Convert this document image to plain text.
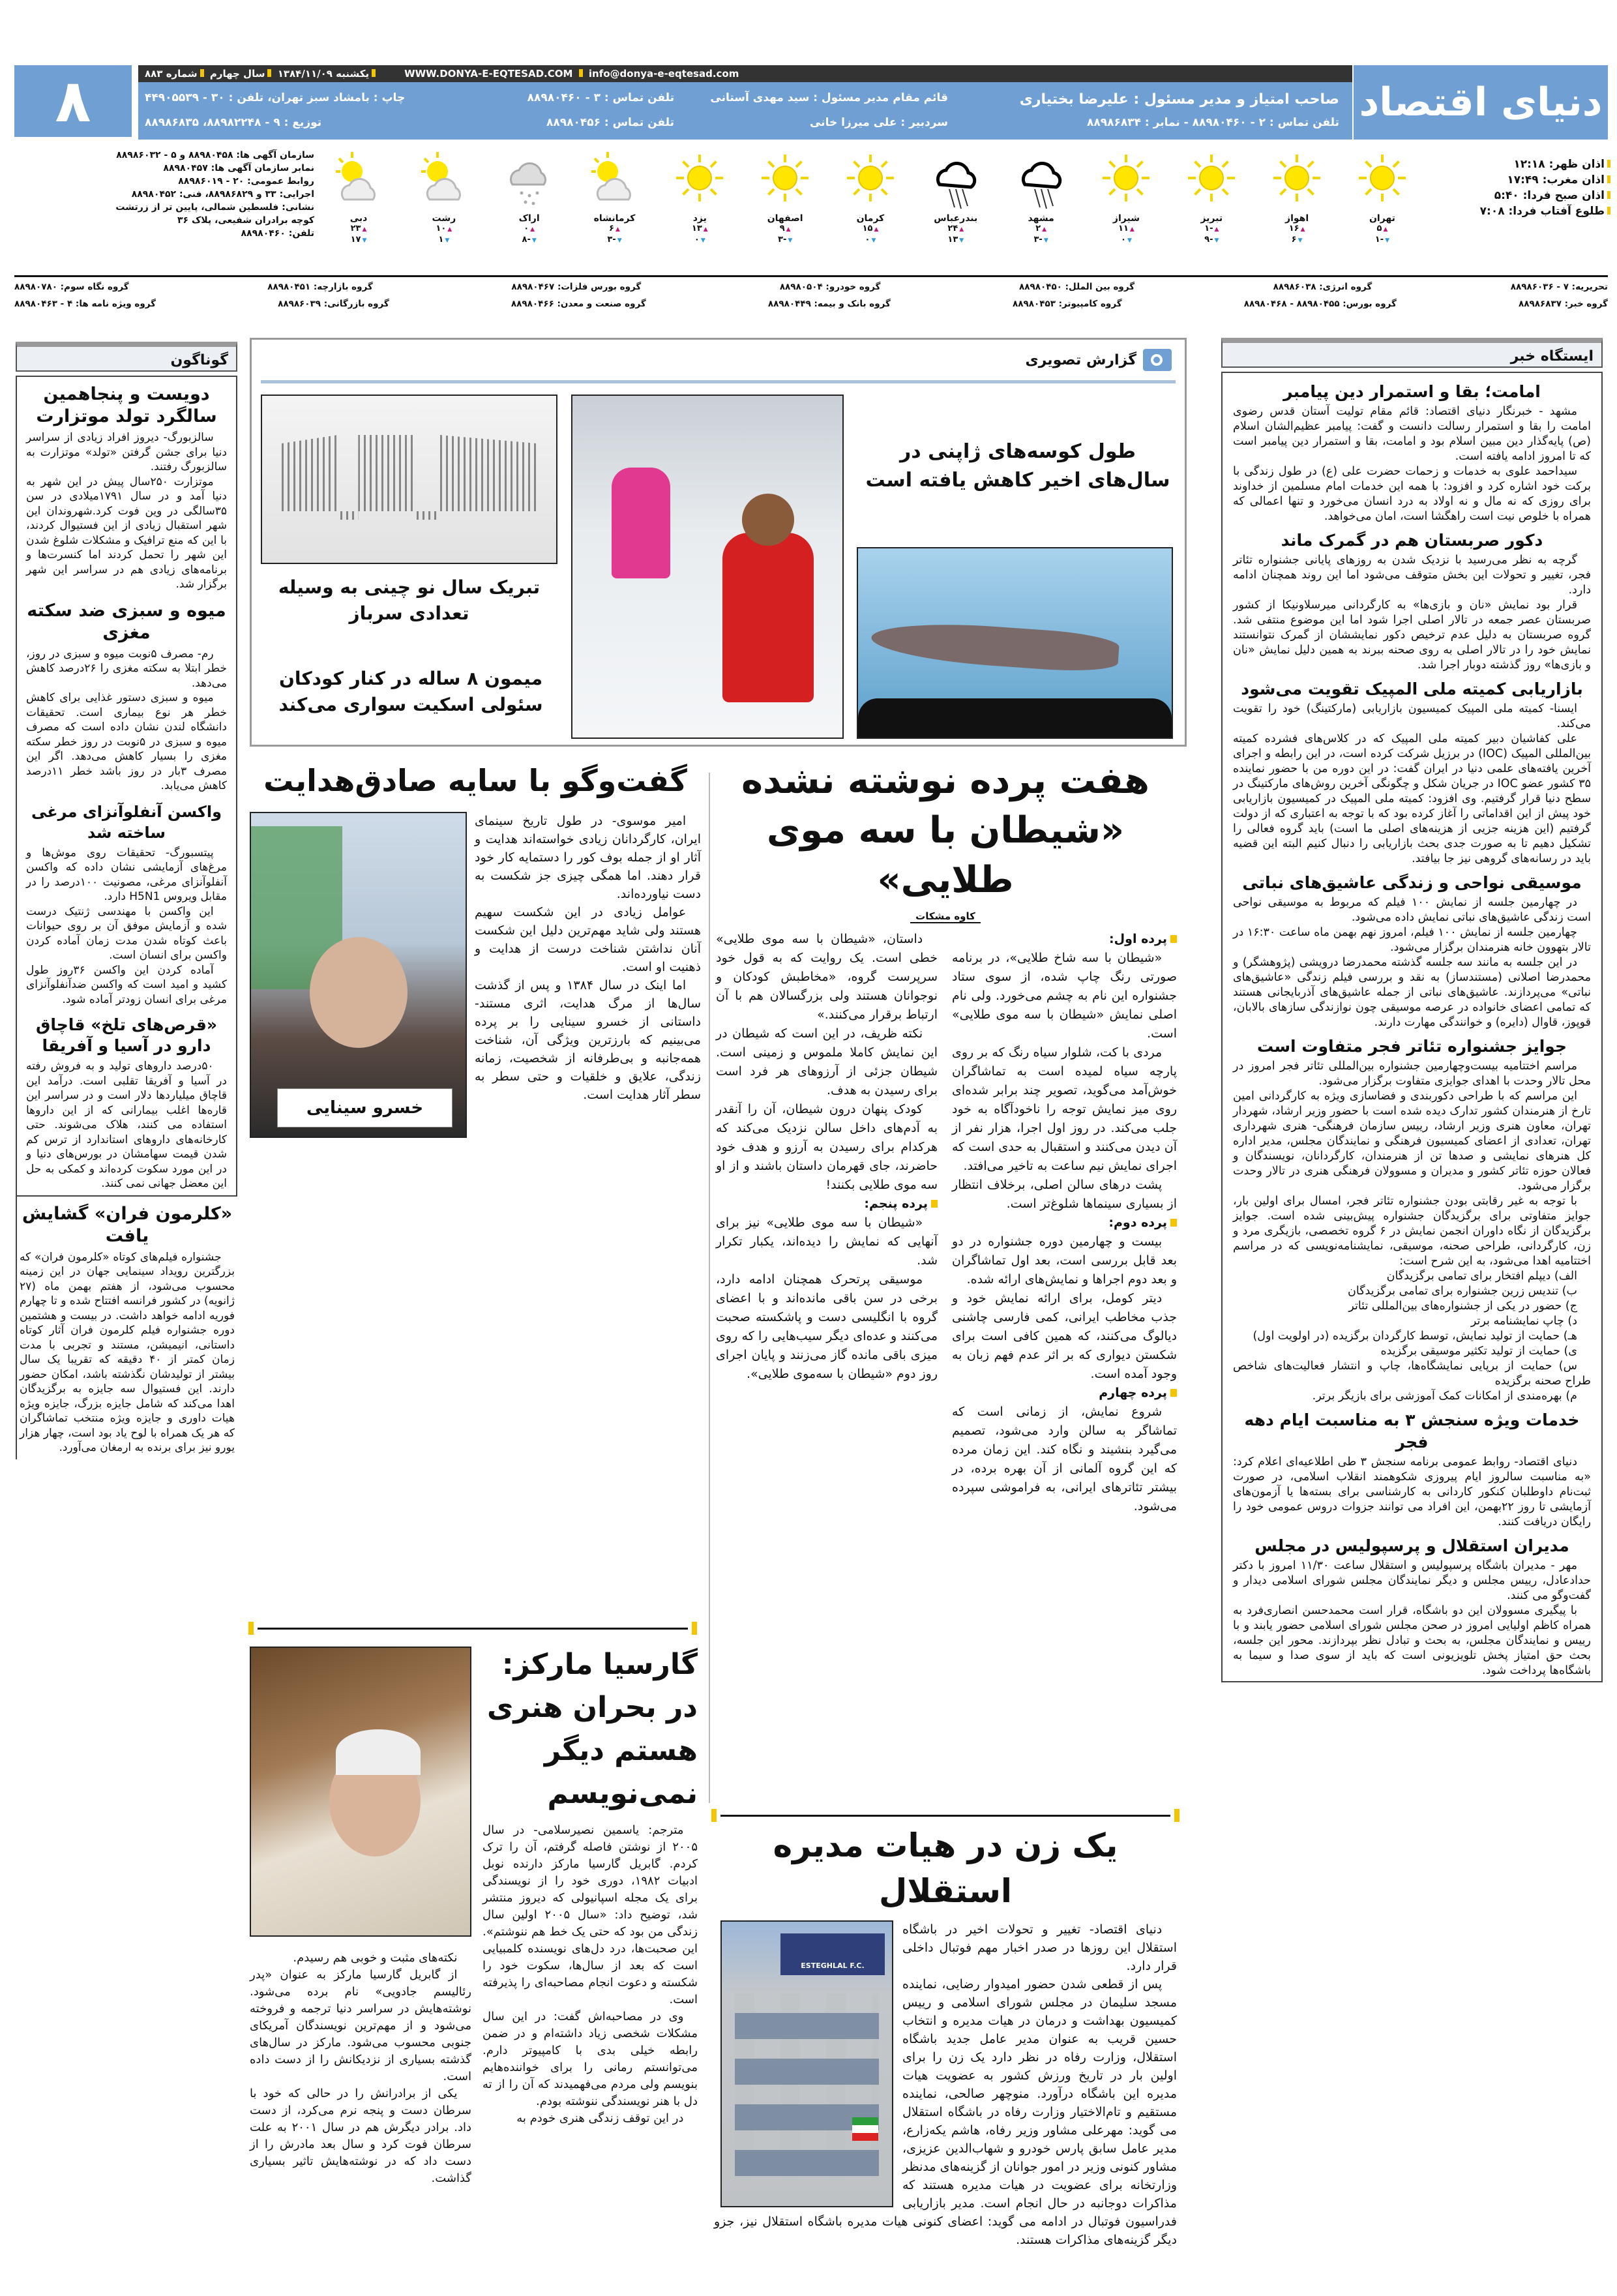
۸	یکشنبه ۱۳۸۴/۱۱/۰۹ سال چهارم شماره ۸۸۳	WWW.DONYA-E-EQTESAD.COM info@donya-e-eqtesad.com
صاحب امتیاز و مدیر مسئول : علیرضا بختیاری
تلفن تماس : ۲ - ۸۸۹۸۰۴۶۰ - نمابر : ۸۸۹۸۶۸۳۴
قائم مقام مدیر مسئول : سید مهدی آستانی
سردبیر : علی میرزا خانی
تلفن تماس : ۳ - ۸۸۹۸۰۴۶۰
تلفن تماس : ۸۸۹۸۰۴۵۶
چاپ : بامشاد سبز تهران، تلفن : ۳۰ - ۴۴۹۰۵۵۳۹
توزیع : ۹ - ۸۸۹۸۲۲۴۸، ۸۸۹۸۶۸۳۵	دنیای اقتصاد
اذان ظهر: ۱۲:۱۸
اذان مغرب: ۱۷:۴۹
اذان صبح فردا: ۵:۴۰
طلوع آفتاب فردا: ۷:۰۸
تهران
▲ ۵
▼ -۱
اهواز
▲ ۱۶
▼ ۶
تبریز
▲ -۱
▼ -۹
شیراز
▲ ۱۱
▼ ۰
مشهد
▲ ۲
▼ -۳
بندرعباس
▲ ۲۴
▼ ۱۳
کرمان
▲ ۱۵
▼ ۰
اصفهان
▲ ۹
▼ -۳
یزد
▲ ۱۳
▼ ۰
کرمانشاه
▲ ۶
▼ -۳
اراک
▲ ۰
▼ -۸
رشت
▲ ۱۰
▼ ۱
دبی
▲ ۲۳
▼ ۱۷
سازمان آگهی ها: ۸۸۹۸۰۴۵۸ و ۵ - ۸۸۹۸۶۰۳۲
نمابر سازمان آگهی ها: ۸۸۹۸۰۴۵۷
روابط عمومی: ۲۰ - ۸۸۹۸۶۰۱۹
اجرایی: ۳۳ و ۸۸۹۸۶۸۲۹، فنی: ۸۸۹۸۰۴۵۲
نشانی: فلسطین شمالی، پایین تر از زرتشت
کوچه برادران شفیعی، پلاک ۳۶
تلفن: ۸۸۹۸۰۴۶۰
تحریریه: ۷ - ۸۸۹۸۶۰۳۶
گروه انرژی: ۸۸۹۸۶۰۳۸
گروه بین الملل: ۸۸۹۸۰۴۵۰
گروه خودرو: ۸۸۹۸۰۵۰۴
گروه بورس فلزات: ۸۸۹۸۰۴۶۷
گروه بازارچه: ۸۸۹۸۰۴۵۱
گروه نگاه سوم: ۸۸۹۸۰۷۸۰
گروه خبر: ۸۸۹۸۶۸۳۷
گروه بورس: ۸۸۹۸۰۴۵۵ - ۸۸۹۸۰۴۶۸
گروه کامپیوتر: ۸۸۹۸۰۴۵۳
گروه بانک و بیمه: ۸۸۹۸۰۴۴۹
گروه صنعت و معدن: ۸۸۹۸۰۴۶۶
گروه بازرگانی: ۸۸۹۸۶۰۳۹
گروه ویژه نامه ها: ۴ - ۸۸۹۸۰۴۶۳
گوناگون
دویست و پنجاهمین سالگرد تولد موتزارت

سالزبورگ- دیروز افراد زیادی از سراسر دنیا برای جشن گرفتن «تولد» موتزارت به سالزبورگ رفتند.

موتزارت ۲۵۰سال پیش در این شهر به دنیا آمد و در سال ۱۷۹۱میلادی در سن ۳۵سالگی در وین فوت کرد.شهروندان این شهر استقبال زیادی از این فستیوال کردند، با این که منع ترافیک و مشکلات شلوغ شدن این شهر را تحمل کردند اما کنسرت‌ها و برنامه‌های زیادی هم در سراسر این شهر برگزار شد.

میوه و سبزی ضد سکته مغزی

رم- مصرف ۵نوبت میوه و سبزی در روز، خطر ابتلا به سکته مغزی را ۲۶درصد کاهش می‌دهد.

میوه و سبزی دستور غذایی برای کاهش خطر هر نوع بیماری است. تحقیقات دانشگاه لندن نشان داده است که مصرف میوه و سبزی در ۵نوبت در روز خطر سکته مغزی را بسیار کاهش می‌دهد. اگر این مصرف ۳بار در روز باشد خطر ۱۱درصد کاهش می‌یابد.

واکسن آنفلوآنزای مرغی ساخته شد

پیتسبورگ- تحقیقات روی موش‌ها و مرغ‌های آزمایشی نشان داده که واکسن آنفلوآنزای مرغی، مصونیت ۱۰۰درصد را در مقابل ویروس H5N1 دارد.

این واکسن با مهندسی ژنتیک درست شده و آزمایش موفق آن بر روی حیوانات باعث کوتاه شدن مدت زمان آماده کردن واکسن برای انسان است.

آماده کردن این واکسن ۳۶روز طول کشید و امید است که واکسن ضدآنفلوآنزای مرغی برای انسان زودتر آماده شود.

«قرص‌های تلخ» قاچاق دارو در آسیا و آفریقا

۵۰درصد داروهای تولید و به فروش رفته در آسیا و آفریقا تقلبی است. درآمد این قاچاق میلیاردها دلار است و در سراسر این قاره‌ها اغلب بیمارانی که از این داروها استفاده می کنند، هلاک می‌شوند. حتی کارخانه‌های داروهای استاندارد از ترس کم شدن قیمت سهامشان در بورس‌های دنیا و در این مورد سکوت کرده‌اند و کمکی به حل این معضل جهانی نمی کنند.

«کلرمون فران» گشایش یافت

جشنواره فیلم‌های کوتاه «کلرمون فران» که بزرگترین رویداد سینمایی جهان در این زمینه محسوب می‌شود، از هفتم بهمن ماه (۲۷ ژانویه) در کشور فرانسه افتتاح شده و تا چهارم فوریه ادامه خواهد داشت. در بیست و هشتمین دوره جشنواره فیلم کلرمون فران آثار کوتاه داستانی، انیمیشن، مستند و تجربی با مدت زمان کمتر از ۴۰ دقیقه که تقریبا یک سال بیشتر از تولیدشان نگذشته باشد، امکان حضور دارند. این فستیوال سه جایزه به برگزیدگان اهدا می‌کند که شامل جایزه بزرگ، جایزه ویژه هیات داوری و جایزه ویژه منتخب تماشاگران که هر یک همراه با لوح یاد بود است، چهار هزار یورو نیز برای برنده به ارمغان می‌آورد.

گزارش تصویری
تبریک سال نو چینی به وسیله تعدادی سرباز
میمون ۸ ساله در کنار کودکان سئولی اسکیت سواری می‌کند
طول کوسه‌های ژاپنی در سال‌های اخیر کاهش یافته است
گفت‌وگو با سایه صادق‌هدایت

امیر موسوی- در طول تاریخ سینمای ایران، کارگردانان زیادی خواسته‌اند هدایت و آثار او از جمله بوف کور را دستمایه کار خود قرار دهند. اما همگی چیزی جز شکست به دست نیاورده‌اند.

عوامل زیادی در این شکست سهیم هستند ولی شاید مهم‌ترین دلیل این شکست آنان نداشتن شناخت درست از هدایت و ذهنیت او است.

اما اینک در سال ۱۳۸۴ و پس از گذشت سال‌ها از مرگ هدایت، اثری مستند- داستانی از خسرو سینایی را بر پرده می‌بینیم که بارزترین ویژگی آن، شناخت همه‌جانبه و بی‌طرفانه از شخصیت، زمانه زندگی، علایق و خلقیات و حتی سطر به سطر آثار هدایت است.

خسرو سینایی
هفت پرده نوشته نشده
«شیطان با سه موی طلایی»
کاوه مشکات

پرده اول:

«شیطان با سه شاخ طلایی»، در برنامه صورتی رنگ چاپ شده، از سوی ستاد جشنواره این نام به چشم می‌خورد. ولی نام اصلی نمایش «شیطان با سه موی طلایی» است.

مردی با کت، شلوار سیاه رنگ که بر روی پارچه سیاه لمیده است به تماشاگران خوش‌آمد می‌گوید، تصویر چند برابر شده‌ای روی میز نمایش توجه را ناخودآگاه به خود جلب می‌کند. در روز اول اجرا، هزار نفر از آن دیدن می‌کنند و استقبال به حدی است که اجرای نمایش نیم ساعت به تاخیر می‌افتد.

پشت درهای سالن اصلی، برخلاف انتظار از بسیاری سینماها شلوغ‌تر است.

پرده دوم:

بیست و چهارمین دوره جشنواره در دو بعد قابل بررسی است، بعد اول تماشاگران و بعد دوم اجراها و نمایش‌های ارائه شده.

دیتر کومل، برای ارائه نمایش خود و جذب مخاطب ایرانی، کمی فارسی چاشنی دیالوگ می‌کنند، که همین کافی است برای شکستن دیواری که بر اثر عدم فهم زبان به وجود آمده است.

پرده چهارم

شروع نمایش، از زمانی است که تماشاگر به سالن وارد می‌شود، تصمیم می‌گیرد بنشیند و نگاه کند. این زمان مرده که این گروه آلمانی از آن بهره برده، در بیشتر تئاترهای ایرانی، به فراموشی سپرده می‌شود.

داستان، «شیطان با سه موی طلایی» خطی است. یک روایت که به قول خود سرپرست گروه، «مخاطبش کودکان و نوجوانان هستند ولی بزرگسالان هم با آن ارتباط برقرار می‌کنند.»

نکته ظریف، در این است که شیطان در این نمایش کاملا ملموس و زمینی است. شیطان جزئی از آرزوهای هر فرد است برای رسیدن به هدف.

کودک پنهان درون شیطان، آن را آنقدر به آدم‌های داخل سالن نزدیک می‌کند که هرکدام برای رسیدن به آرزو و هدف خود حاضرند، جای قهرمان داستان باشند و از او سه موی طلایی بکنند!

پرده پنجم:

«شیطان با سه موی طلایی» نیز برای آنهایی که نمایش را دیده‌اند، یکبار تکرار شد.

موسیقی پرتحرک همچنان ادامه دارد، برخی در سن باقی مانده‌اند و با اعضای گروه با انگلیسی دست و پاشکسته صحبت می‌کنند و عده‌ای دیگر سیب‌هایی را که روی میزی باقی مانده گاز می‌زنند و پایان اجرای روز دوم «شیطان با سه‌موی طلایی».

گارسیا مارکز: در بحران هنری هستم دیگر نمی‌نویسم

مترجم: یاسمین نصیرسلامی- در سال ۲۰۰۵ از نوشتن فاصله گرفتم، آن را ترک کردم. گابریل گارسیا مارکز دارنده نوبل ادبیات ۱۹۸۲، دوری خود را از نویسندگی برای یک مجله اسپانیولی که دیروز منتشر شد، توضیح داد: «سال ۲۰۰۵ اولین سال زندگی من بود که حتی یک خط هم ننوشتم». این صحبت‌ها، درد دل‌های نویسنده کلمبیایی است که بعد از سال‌ها، سکوت خود را شکسته و دعوت انجام مصاحبه‌ای را پذیرفته است.

وی در مصاحبه‌اش گفت: در این سال مشکلات شخصی زیاد داشته‌ام و در ضمن رابطه خیلی بدی با کامپیوتر دارم. می‌توانستم رمانی را برای خواننده‌هایم بنویسم ولی مردم می‌فهمیدند که آن را از ته دل با هنر نویسندگی ننوشته بودم.

در این توقف زندگی هنری خودم به

نکته‌های مثبت و خوبی هم رسیدم.

از گابریل گارسیا مارکز به عنوان «پدر رئالیسم جادویی» نام برده می‌شود. نوشته‌هایش در سراسر دنیا ترجمه و فروخته می‌شود و از مهم‌ترین نویسندگان آمریکای جنوبی محسوب می‌شود. مارکز در سال‌های گذشته بسیاری از نزدیکانش را از دست داده است.

یکی از برادرانش را در حالی که خود با سرطان دست و پنجه نرم می‌کرد، از دست داد. برادر دیگرش هم در سال ۲۰۰۱ به علت سرطان فوت کرد و سال بعد مادرش را از دست داد که در نوشته‌هایش تاثیر بسیاری گذاشت.

یک زن در هیات مدیره استقلال
ESTEGHLAL F.C.

دنیای اقتصاد- تغییر و تحولات اخیر در باشگاه استقلال این روزها در صدر اخبار مهم فوتبال داخلی قرار دارد.

پس از قطعی شدن حضور امیدوار رضایی، نماینده مسجد سلیمان در مجلس شورای اسلامی و رییس کمیسیون بهداشت و درمان در هیات مدیره و انتخاب حسین قریب به عنوان مدیر عامل جدید باشگاه استقلال، وزارت رفاه در نظر دارد یک زن را برای اولین بار در تاریخ ورزش کشور به عضویت هیات مدیره این باشگاه درآورد. منوچهر صالحی، نماینده مستقیم و تام‌الاختیار وزارت رفاه در باشگاه استقلال می گوید: مهرعلی مشاور وزیر رفاه، هاشم یکه‌زارع، مدیر عامل سابق پارس خودرو و شهاب‌الدین عزیزی، مشاور کنونی وزیر در امور جوانان از گزینه‌های مدنظر وزارتخانه برای عضویت در هیات مدیره هستند که مذاکرات دوجانبه در حال انجام است. مدیر بازاریابی فدراسیون فوتبال در ادامه می گوید: اعضای کنونی هیات مدیره باشگاه استقلال نیز، جزو دیگر گزینه‌های مذاکرات هستند.

ایستگاه خبر
امامت؛ بقا و استمرار دین پیامبر

مشهد - خبرنگار دنیای اقتصاد: قائم مقام تولیت آستان قدس رضوی امامت را بقا و استمرار رسالت دانست و گفت: پیامبر عظیم‌الشان اسلام (ص) پایه‌گذار دین مبین اسلام بود و امامت، بقا و استمرار دین پیامبر است که تا امروز ادامه یافته است.

سیداحمد علوی به خدمات و زحمات حضرت علی (ع) در طول زندگی با برکت خود اشاره کرد و افزود: با همه این خدمات امام مسلمین از خداوند برای روزی که نه مال و نه اولاد به درد انسان می‌خورد و تنها اعمالی که همراه با خلوص نیت است راهگشا است، امان می‌خواهد.

دکور صربستان هم در گمرک ماند

گرچه به نظر می‌رسید با نزدیک شدن به روزهای پایانی جشنواره تئاتر فجر، تغییر و تحولات این بخش متوقف می‌شود اما این روند همچنان ادامه دارد.

قرار بود نمایش «نان و بازی‌ها» به کارگردانی میرسلاونیکا از کشور صربستان عصر جمعه در تالار اصلی اجرا شود اما این موضوع منتفی شد. گروه صربستان به دلیل عدم ترخیص دکور نمایششان از گمرک نتوانستند نمایش خود را در تالار اصلی به روی صحنه ببرند به همین دلیل نمایش «نان و بازی‌ها» روز گذشته دوبار اجرا شد.

بازاریابی کمیته ملی المپیک تقویت می‌شود

ایسنا- کمیته ملی المپیک کمیسیون بازاریابی (مارکتینگ) خود را تقویت می‌کند.

علی کفاشیان دبیر کمیته ملی المپیک که در کلاس‌های فشرده کمیته بین‌المللی المپیک (IOC) در برزیل شرکت کرده است، در این رابطه و اجرای آخرین یافته‌های علمی دنیا در ایران گفت: در این دوره من با حضور نماینده ۳۵ کشور عضو IOC در جریان شکل و چگونگی آخرین روش‌های مارکتینگ در سطح دنیا قرار گرفتیم. وی افزود: کمیته ملی المپیک در کمیسیون بازاریابی خود پیش از این اقداماتی را آغاز کرده بود که با توجه به اعتباری که از دولت گرفتیم (این هزینه جزیی از هزینه‌های اصلی ما است) باید گروه فعالی را تشکیل دهیم تا به صورت جدی بحث بازاریابی را دنبال کنیم البته این قضیه باید در رسانه‌های گروهی نیز جا بیافتد.

موسیقی نواحی و زندگی عاشیق‌های نباتی

در چهارمین جلسه از نمایش ۱۰۰ فیلم که مربوط به موسیقی نواحی است زندگی عاشیق‌های نباتی نمایش داده می‌شود.

چهارمین جلسه از نمایش ۱۰۰ فیلم، امروز نهم بهمن ماه ساعت ۱۶:۳۰ در تالار بتهوون خانه هنرمندان برگزار می‌شود.

در این جلسه به مانند سه جلسه گذشته محمدرضا درویشی (پژوهشگر) و محمدرضا اصلانی (مستندساز) به نقد و بررسی فیلم زندگی «عاشیق‌های نباتی» می‌پردازند. عاشیق‌های نباتی از جمله عاشیق‌های آذربایجانی هستند که تمامی اعضای خانواده در عرصه موسیقی چون نوازندگی سازهای بالابان، قوپوز، قاوال (دایره) و خوانندگی مهارت دارند.

جوایز جشنواره تئاتر فجر متفاوت است

مراسم اختتامیه بیست‌وچهارمین جشنواره بین‌المللی تئاتر فجر امروز در محل تالار وحدت با اهدای جوایزی متفاوت برگزار می‌شود.

این مراسم که با طراحی دکوربندی و فضاسازی ویژه به کارگردانی امین تارخ از هنرمندان کشور تدارک دیده شده است با حضور وزیر ارشاد، شهردار تهران، معاون هنری وزیر ارشاد، رییس سازمان فرهنگی- هنری شهرداری تهران، تعدادی از اعضای کمیسیون فرهنگی و نمایندگان مجلس، مدیر اداره کل هنرهای نمایشی و صدها تن از هنرمندان، کارگردانان، نویسندگان و فعالان حوزه تئاتر کشور و مدیران و مسوولان فرهنگی هنری در تالار وحدت برگزار می‌شود.

با توجه به غیر رقابتی بودن جشنواره تئاتر فجر، امسال برای اولین بار، جوایز متفاوتی برای برگزیدگان جشنواره پیش‌بینی شده است. جوایز برگزیدگان از نگاه داوران انجمن نمایش در ۶ گروه تخصصی، بازیگری مرد و زن، کارگردانی، طراحی صحنه، موسیقی، نمایشنامه‌نویسی که در مراسم اختتامیه اهدا می‌شود، به این شرح است:

الف) دیپلم افتخار برای تمامی برگزیدگان

ب) تندیس زرین جشنواره برای تمامی برگزیدگان

ج) حضور در یکی از جشنواره‌های بین‌المللی تئاتر

د) چاپ نمایشنامه برتر

هـ) حمایت از تولید نمایش، توسط کارگردان برگزیده (در اولویت اول)

ی) حمایت از تولید تکثیر موسیقی برگزیده

س) حمایت از برپایی نمایشگاه‌ها، چاپ و انتشار فعالیت‌های شاخص طراح صحنه برگزیده

م) بهره‌مندی از امکانات کمک آموزشی برای بازیگر برتر.

خدمات ویژه سنجش ۳ به مناسبت ایام دهه فجر

دنیای اقتصاد- روابط عمومی برنامه سنجش ۳ طی اطلاعیه‌ای اعلام کرد: «به مناسبت سالروز ایام پیروزی شکوهمند انقلاب اسلامی، در صورت ثبت‌نام داوطلبان کنکور کاردانی به کارشناسی برای بسته‌ها یا آزمون‌های آزمایشی تا روز ۲۲بهمن، این افراد می توانند جزوات دروس عمومی خود را رایگان دریافت کنند.

مدیران استقلال و پرسپولیس در مجلس

مهر - مدیران باشگاه پرسپولیس و استقلال ساعت ۱۱/۳۰ امروز با دکتر حدادعادل، رییس مجلس و دیگر نمایندگان مجلس شورای اسلامی دیدار و گفت‌وگو می کنند.

با پیگیری مسوولان این دو باشگاه، قرار است محمدحسن انصاری‌فرد به همراه کاظم اولیایی امروز در صحن مجلس شورای اسلامی حضور یابند و با رییس و نمایندگان مجلس، به بحث و تبادل نظر بپردازند. محور این جلسه، بحث حق امتیاز پخش تلویزیونی است که باید از سوی صدا و سیما به باشگاه‌ها پرداخت شود.
